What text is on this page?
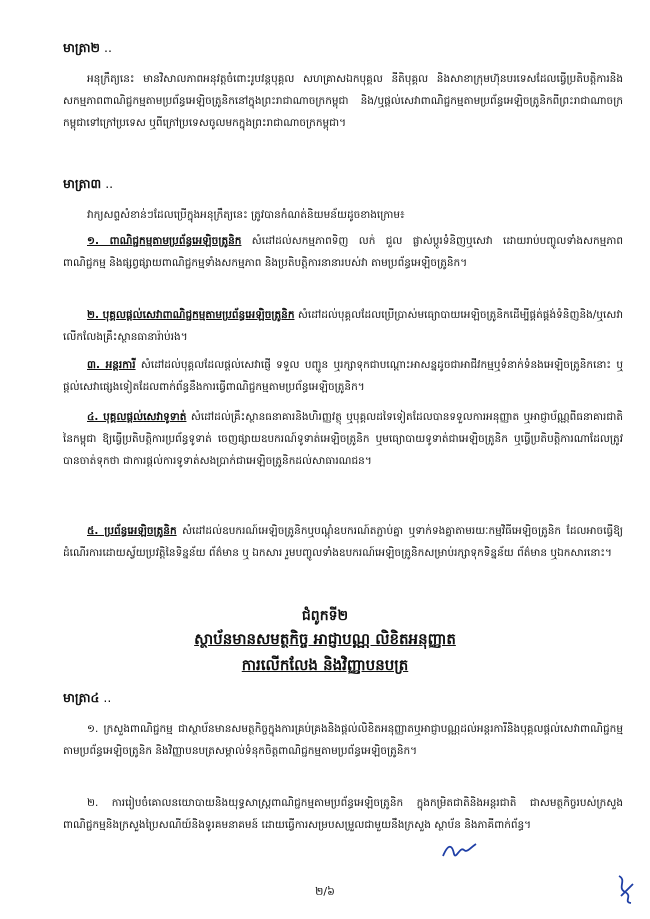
មាត្រា២ ..
អនុក្រឹត្យនេះ មានវិសាលភាពអនុវត្តចំពោះរូបវន្តបុគ្គល សហគ្រាសឯកបុគ្គល នីតិបុគ្គល និងសាខាក្រុមហ៊ុនបរទេសដែលធ្វើប្រតិបត្តិការនិងសកម្មភាពពាណិជ្ជកម្មតាមប្រព័ន្ធអេឡិចត្រូនិកនៅក្នុងព្រះរាជាណាចក្រកម្ពុជា និង/ឬផ្តល់សេវាពាណិជ្ជកម្មតាមប្រព័ន្ធអេឡិចត្រូនិកពីព្រះរាជាណាចក្រកម្ពុជាទៅក្រៅប្រទេស ឬពីក្រៅប្រទេសចូលមកក្នុងព្រះរាជាណាចក្រកម្ពុជា។
មាត្រា៣ ..
វាក្យសព្ទសំខាន់ៗដែលប្រើក្នុងអនុក្រឹត្យនេះ ត្រូវបានកំណត់និយមន័យដូចខាងក្រោម៖
១. ពាណិជ្ជកម្មតាមប្រព័ន្ធអេឡិចត្រូនិក សំដៅដល់សកម្មភាពទិញ លក់ ជួល ផ្លាស់ប្តូរទំនិញឬសេវា ដោយរាប់បញ្ចូលទាំងសកម្មភាពពាណិជ្ជកម្ម និងផ្សព្វផ្សាយពាណិជ្ជកម្មទាំងសកម្មភាព និងប្រតិបត្តិការនានារបស់វា តាមប្រព័ន្ធអេឡិចត្រូនិក។
២. បុគ្គលផ្តល់សេវាពាណិជ្ជកម្មតាមប្រព័ន្ធអេឡិចត្រូនិក សំដៅដល់បុគ្គលដែលប្រើប្រាស់មធ្យោបាយអេឡិចត្រូនិកដើម្បីផ្គត់ផ្គង់ទំនិញនិង/ឬសេវា លើកលែងគ្រឹះស្ថានធានារ៉ាប់រង។
៣. អន្តរការី សំដៅដល់បុគ្គលដែលផ្តល់សេវាផ្ញើ ទទួល បញ្ជូន ឬរក្សាទុកជាបណ្តោះអាសន្នដូចជាអាជីវកម្មឬទំនាក់ទំនងអេឡិចត្រូនិកនោះ ឬផ្តល់សេវាផ្សេងទៀតដែលពាក់ព័ន្ធនឹងការធ្វើពាណិជ្ជកម្មតាមប្រព័ន្ធអេឡិចត្រូនិក។
៤. បុគ្គលផ្តល់សេវាទូទាត់ សំដៅដល់គ្រឹះស្ថានធនាគារនិងហិរញ្ញវត្ថុ ឬបុគ្គលដទៃទៀតដែលបានទទួលការអនុញ្ញាត ឬអាជ្ញាប័ណ្ណពីធនាគារជាតិនៃកម្ពុជា ឱ្យធ្វើប្រតិបត្តិការប្រព័ន្ធទូទាត់ ចេញផ្សាយឧបករណ៍ទូទាត់អេឡិចត្រូនិក ឬមធ្យោបាយទូទាត់ជាអេឡិចត្រូនិក ឬធ្វើប្រតិបត្តិការណាដែលត្រូវបានចាត់ទុកថា ជាការផ្តល់ការទូទាត់សងប្រាក់ជាអេឡិចត្រូនិកដល់សាធារណជន។
៥. ប្រព័ន្ធអេឡិចត្រូនិក សំដៅដល់ឧបករណ៍អេឡិចត្រូនិកឬបណ្តុំឧបករណ៍តភ្ជាប់គ្នា ឬទាក់ទងគ្នាតាមរយៈកម្មវិធីអេឡិចត្រូនិក ដែលអាចធ្វើឱ្យដំណើរការដោយស្វ័យប្រវត្តិនៃទិន្នន័យ ព័ត៌មាន ឬ ឯកសារ រួមបញ្ចូលទាំងឧបករណ៍អេឡិចត្រូនិកសម្រាប់រក្សាទុកទិន្នន័យ ព័ត៌មាន ឬឯកសារនោះ។
ជំពូកទី២
ស្ថាប័នមានសមត្ថកិច្ច អាជ្ញាបណ្ណ លិខិតអនុញ្ញាត
ការលើកលែង និងវិញ្ញាបនបត្រ
មាត្រា៤ ..
១. ក្រសួងពាណិជ្ជកម្ម ជាស្ថាប័នមានសមត្ថកិច្ចក្នុងការគ្រប់គ្រងនិងផ្តល់លិខិតអនុញ្ញាតឬអាជ្ញាបណ្ណដល់អន្តរការីនិងបុគ្គលផ្តល់សេវាពាណិជ្ជកម្មតាមប្រព័ន្ធអេឡិចត្រូនិក និងវិញ្ញាបនបត្រសម្គាល់ទំនុកចិត្តពាណិជ្ជកម្មតាមប្រព័ន្ធអេឡិចត្រូនិក។
២. ការរៀបចំគោលនយោបាយនិងយុទ្ធសាស្ត្រពាណិជ្ជកម្មតាមប្រព័ន្ធអេឡិចត្រូនិក ក្នុងកម្រិតជាតិនិងអន្តរជាតិ ជាសមត្ថកិច្ចរបស់ក្រសួងពាណិជ្ជកម្មនិងក្រសួងប្រៃសណីយ៍និងទូរគមនាគមន៍ ដោយធ្វើការសម្របសម្រួលជាមួយនឹងក្រសួង ស្ថាប័ន និងភាគីពាក់ព័ន្ធ។
២/៦
